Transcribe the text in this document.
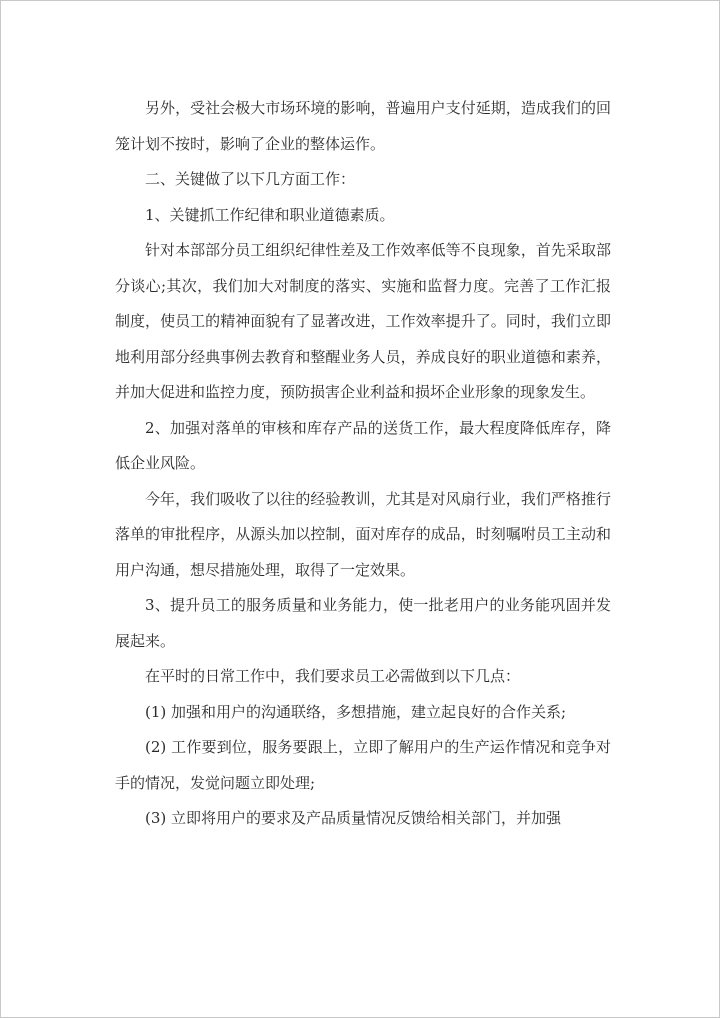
另外，受社会极大市场环境的影响，普遍用户支付延期，造成我们的回笼计划不按时，影响了企业的整体运作。

二、关键做了以下几方面工作：

1、关键抓工作纪律和职业道德素质。

针对本部部分员工组织纪律性差及工作效率低等不良现象，首先采取部分谈心;其次，我们加大对制度的落实、实施和监督力度。完善了工作汇报制度，使员工的精神面貌有了显著改进，工作效率提升了。同时，我们立即地利用部分经典事例去教育和整醒业务人员，养成良好的职业道德和素养，并加大促进和监控力度，预防损害企业利益和损坏企业形象的现象发生。

2、加强对落单的审核和库存产品的送货工作，最大程度降低库存，降低企业风险。

今年，我们吸收了以往的经验教训，尤其是对风扇行业，我们严格推行落单的审批程序，从源头加以控制，面对库存的成品，时刻嘱咐员工主动和用户沟通，想尽措施处理，取得了一定效果。

3、提升员工的服务质量和业务能力，使一批老用户的业务能巩固并发展起来。

在平时的日常工作中，我们要求员工必需做到以下几点：

(1) 加强和用户的沟通联络，多想措施，建立起良好的合作关系;

(2) 工作要到位，服务要跟上，立即了解用户的生产运作情况和竞争对手的情况，发觉问题立即处理;

(3) 立即将用户的要求及产品质量情况反馈给相关部门，并加强
